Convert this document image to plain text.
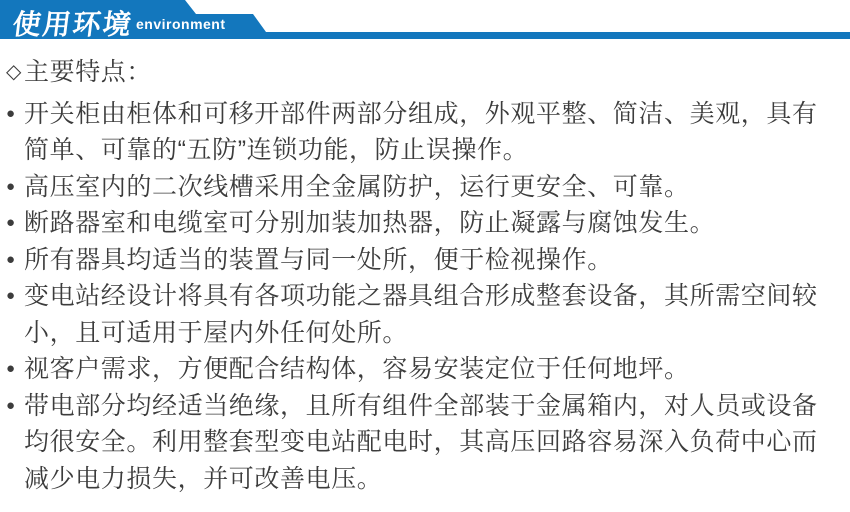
使用环境 environment
◇ 主要特点：
● 开关柜由柜体和可移开部件两部分组成，外观平整、简洁、美观，具有简单、可靠的“五防”连锁功能，防止误操作。
● 高压室内的二次线槽采用全金属防护，运行更安全、可靠。
● 断路器室和电缆室可分别加装加热器，防止凝露与腐蚀发生。
● 所有器具均适当的装置与同一处所，便于检视操作。
● 变电站经设计将具有各项功能之器具组合形成整套设备，其所需空间较小，且可适用于屋内外任何处所。
● 视客户需求，方便配合结构体，容易安装定位于任何地坪。
● 带电部分均经适当绝缘，且所有组件全部装于金属箱内，对人员或设备均很安全。利用整套型变电站配电时，其高压回路容易深入负荷中心而减少电力损失，并可改善电压。
